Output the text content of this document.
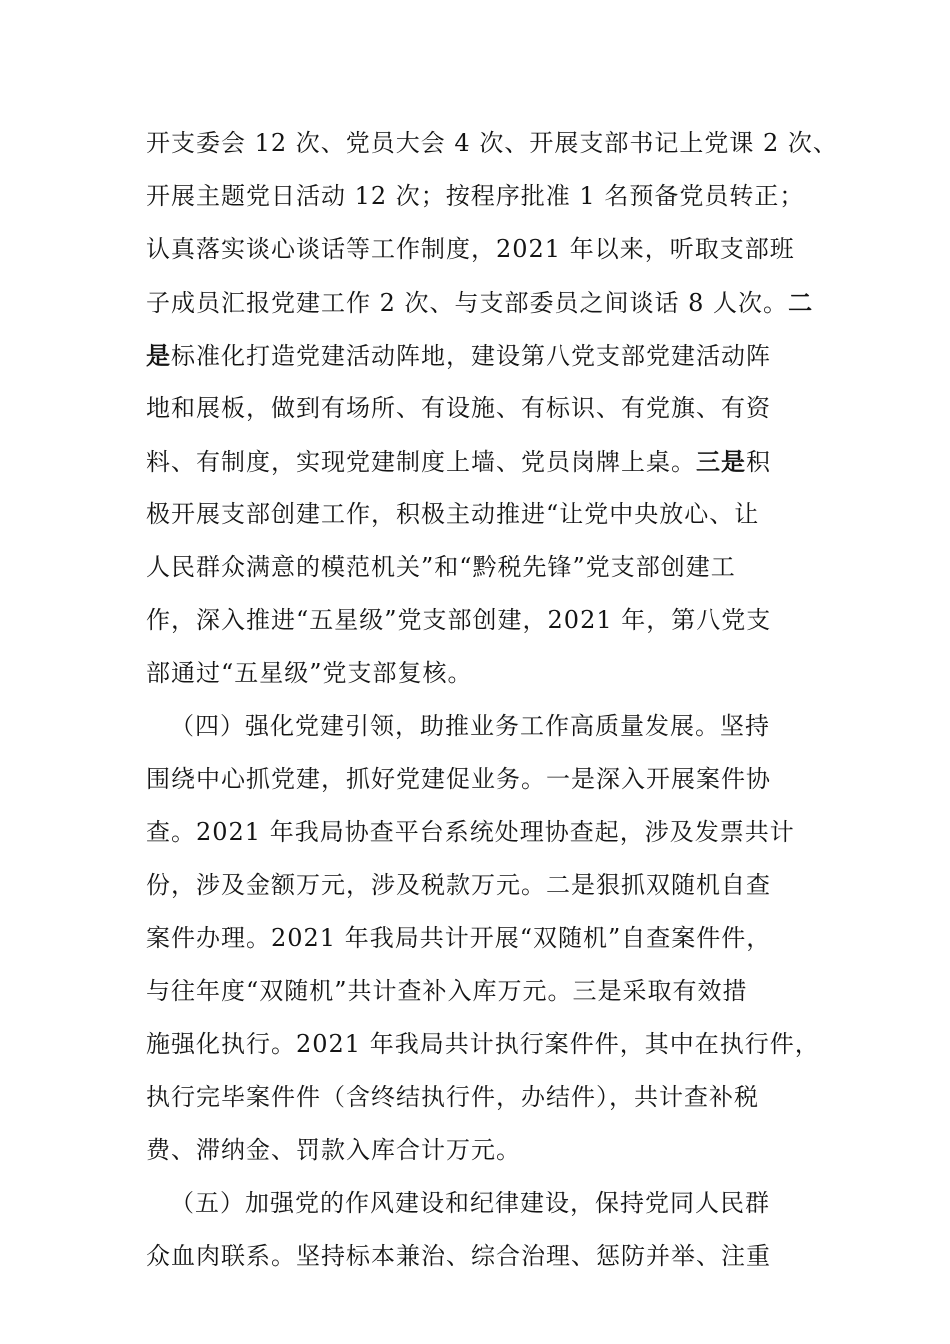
开支委会 12 次、党员大会 4 次、开展支部书记上党课 2 次、
开展主题党日活动 12 次；按程序批准 1 名预备党员转正；
认真落实谈心谈话等工作制度，2021 年以来，听取支部班
子成员汇报党建工作 2 次、与支部委员之间谈话 8 人次。二
是标准化打造党建活动阵地，建设第八党支部党建活动阵
地和展板，做到有场所、有设施、有标识、有党旗、有资
料、有制度，实现党建制度上墙、党员岗牌上桌。三是积
极开展支部创建工作，积极主动推进“让党中央放心、让
人民群众满意的模范机关”和“黔税先锋”党支部创建工
作，深入推进“五星级”党支部创建，2021 年，第八党支
部通过“五星级”党支部复核。
（四）强化党建引领，助推业务工作高质量发展。坚持
围绕中心抓党建，抓好党建促业务。一是深入开展案件协
查。2021 年我局协查平台系统处理协查起，涉及发票共计
份，涉及金额万元，涉及税款万元。二是狠抓双随机自查
案件办理。2021 年我局共计开展“双随机”自查案件件，
与往年度“双随机”共计查补入库万元。三是采取有效措
施强化执行。2021 年我局共计执行案件件，其中在执行件，
执行完毕案件件（含终结执行件，办结件），共计查补税
费、滞纳金、罚款入库合计万元。
（五）加强党的作风建设和纪律建设，保持党同人民群
众血肉联系。坚持标本兼治、综合治理、惩防并举、注重
